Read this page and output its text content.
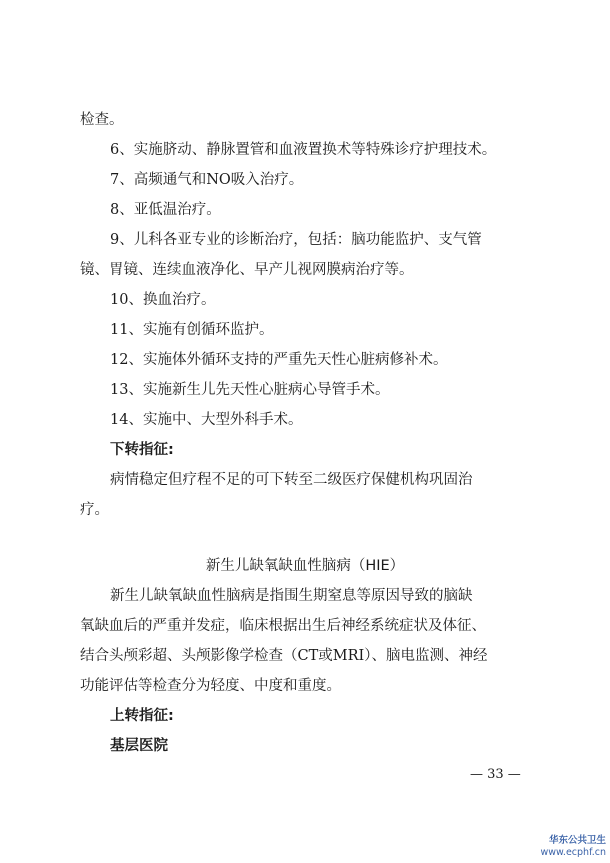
检查。
6、实施脐动、静脉置管和血液置换术等特殊诊疗护理技术。
7、高频通气和NO吸入治疗。
8、亚低温治疗。
9、儿科各亚专业的诊断治疗，包括：脑功能监护、支气管
镜、胃镜、连续血液净化、早产儿视网膜病治疗等。
10、换血治疗。
11、实施有创循环监护。
12、实施体外循环支持的严重先天性心脏病修补术。
13、实施新生儿先天性心脏病心导管手术。
14、实施中、大型外科手术。
下转指征:
病情稳定但疗程不足的可下转至二级医疗保健机构巩固治
疗。
新生儿缺氧缺血性脑病（HIE）
新生儿缺氧缺血性脑病是指围生期窒息等原因导致的脑缺
氧缺血后的严重并发症，临床根据出生后神经系统症状及体征、
结合头颅彩超、头颅影像学检查（CT或MRI）、脑电监测、神经
功能评估等检查分为轻度、中度和重度。
上转指征:
基层医院
— 33 —
华东公共卫生
www.ecphf.cn
